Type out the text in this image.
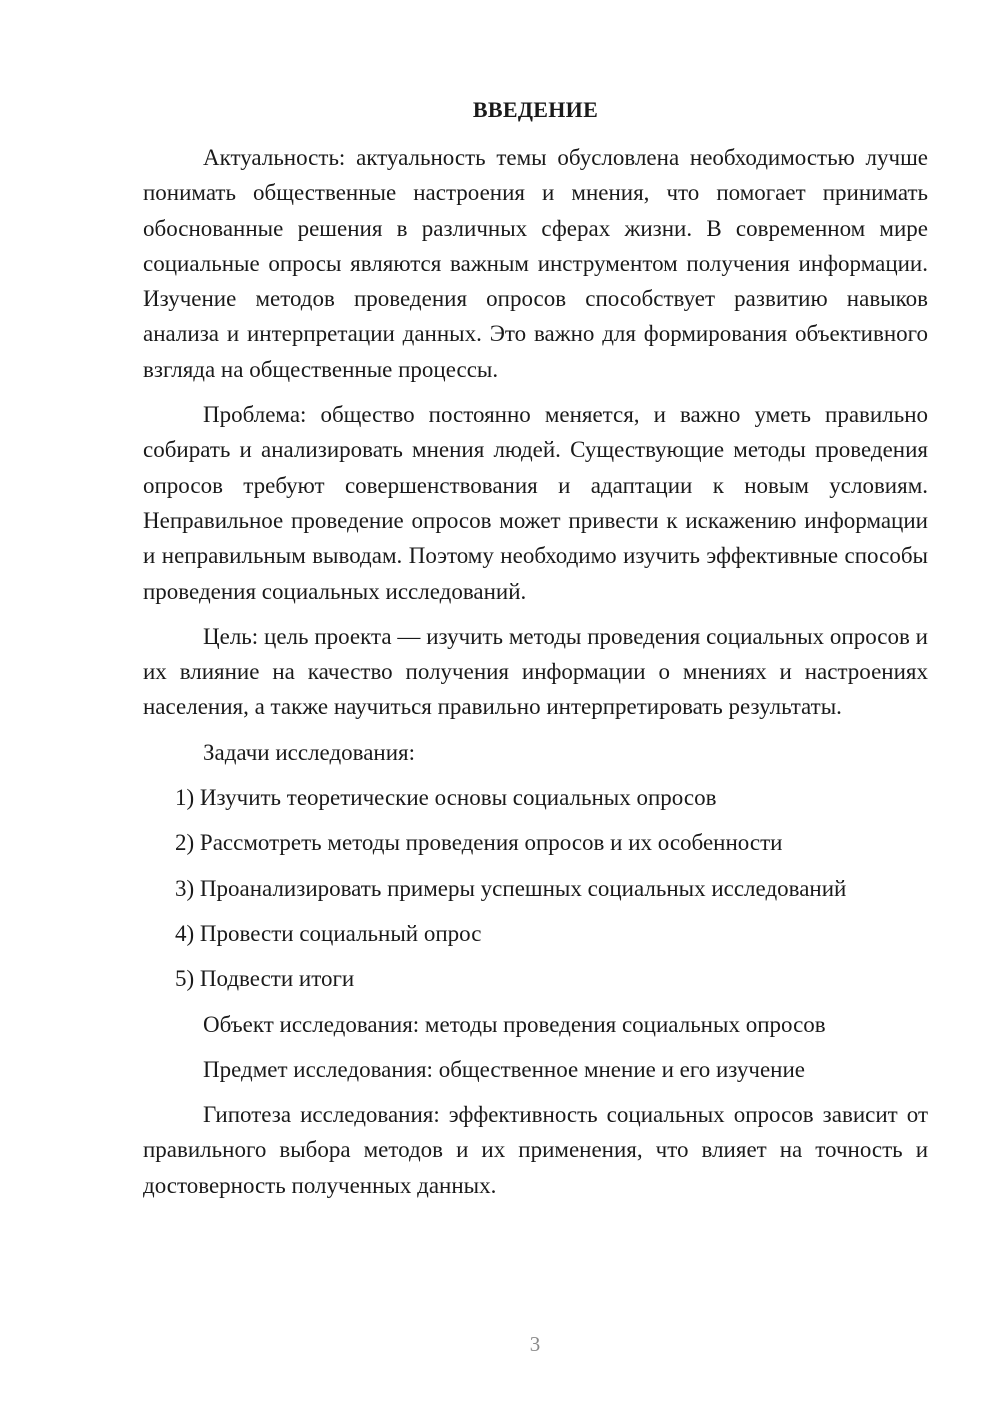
ВВЕДЕНИЕ

Актуальность: актуальность темы обусловлена необходимостью лучше понимать общественные настроения и мнения, что помогает принимать обоснованные решения в различных сферах жизни. В современном мире социальные опросы являются важным инструментом получения информации. Изучение методов проведения опросов способствует развитию навыков анализа и интерпретации данных. Это важно для формирования объективного взгляда на общественные процессы.

Проблема: общество постоянно меняется, и важно уметь правильно собирать и анализировать мнения людей. Существующие методы проведения опросов требуют совершенствования и адаптации к новым условиям. Неправильное проведение опросов может привести к искажению информации и неправильным выводам. Поэтому необходимо изучить эффективные способы проведения социальных исследований.

Цель: цель проекта — изучить методы проведения социальных опросов и их влияние на качество получения информации о мнениях и настроениях населения, а также научиться правильно интерпретировать результаты.

Задачи исследования:

1) Изучить теоретические основы социальных опросов

2) Рассмотреть методы проведения опросов и их особенности

3) Проанализировать примеры успешных социальных исследований

4) Провести социальный опрос

5) Подвести итоги

Объект исследования: методы проведения социальных опросов

Предмет исследования: общественное мнение и его изучение

Гипотеза исследования: эффективность социальных опросов зависит от правильного выбора методов и их применения, что влияет на точность и достоверность полученных данных.

3
